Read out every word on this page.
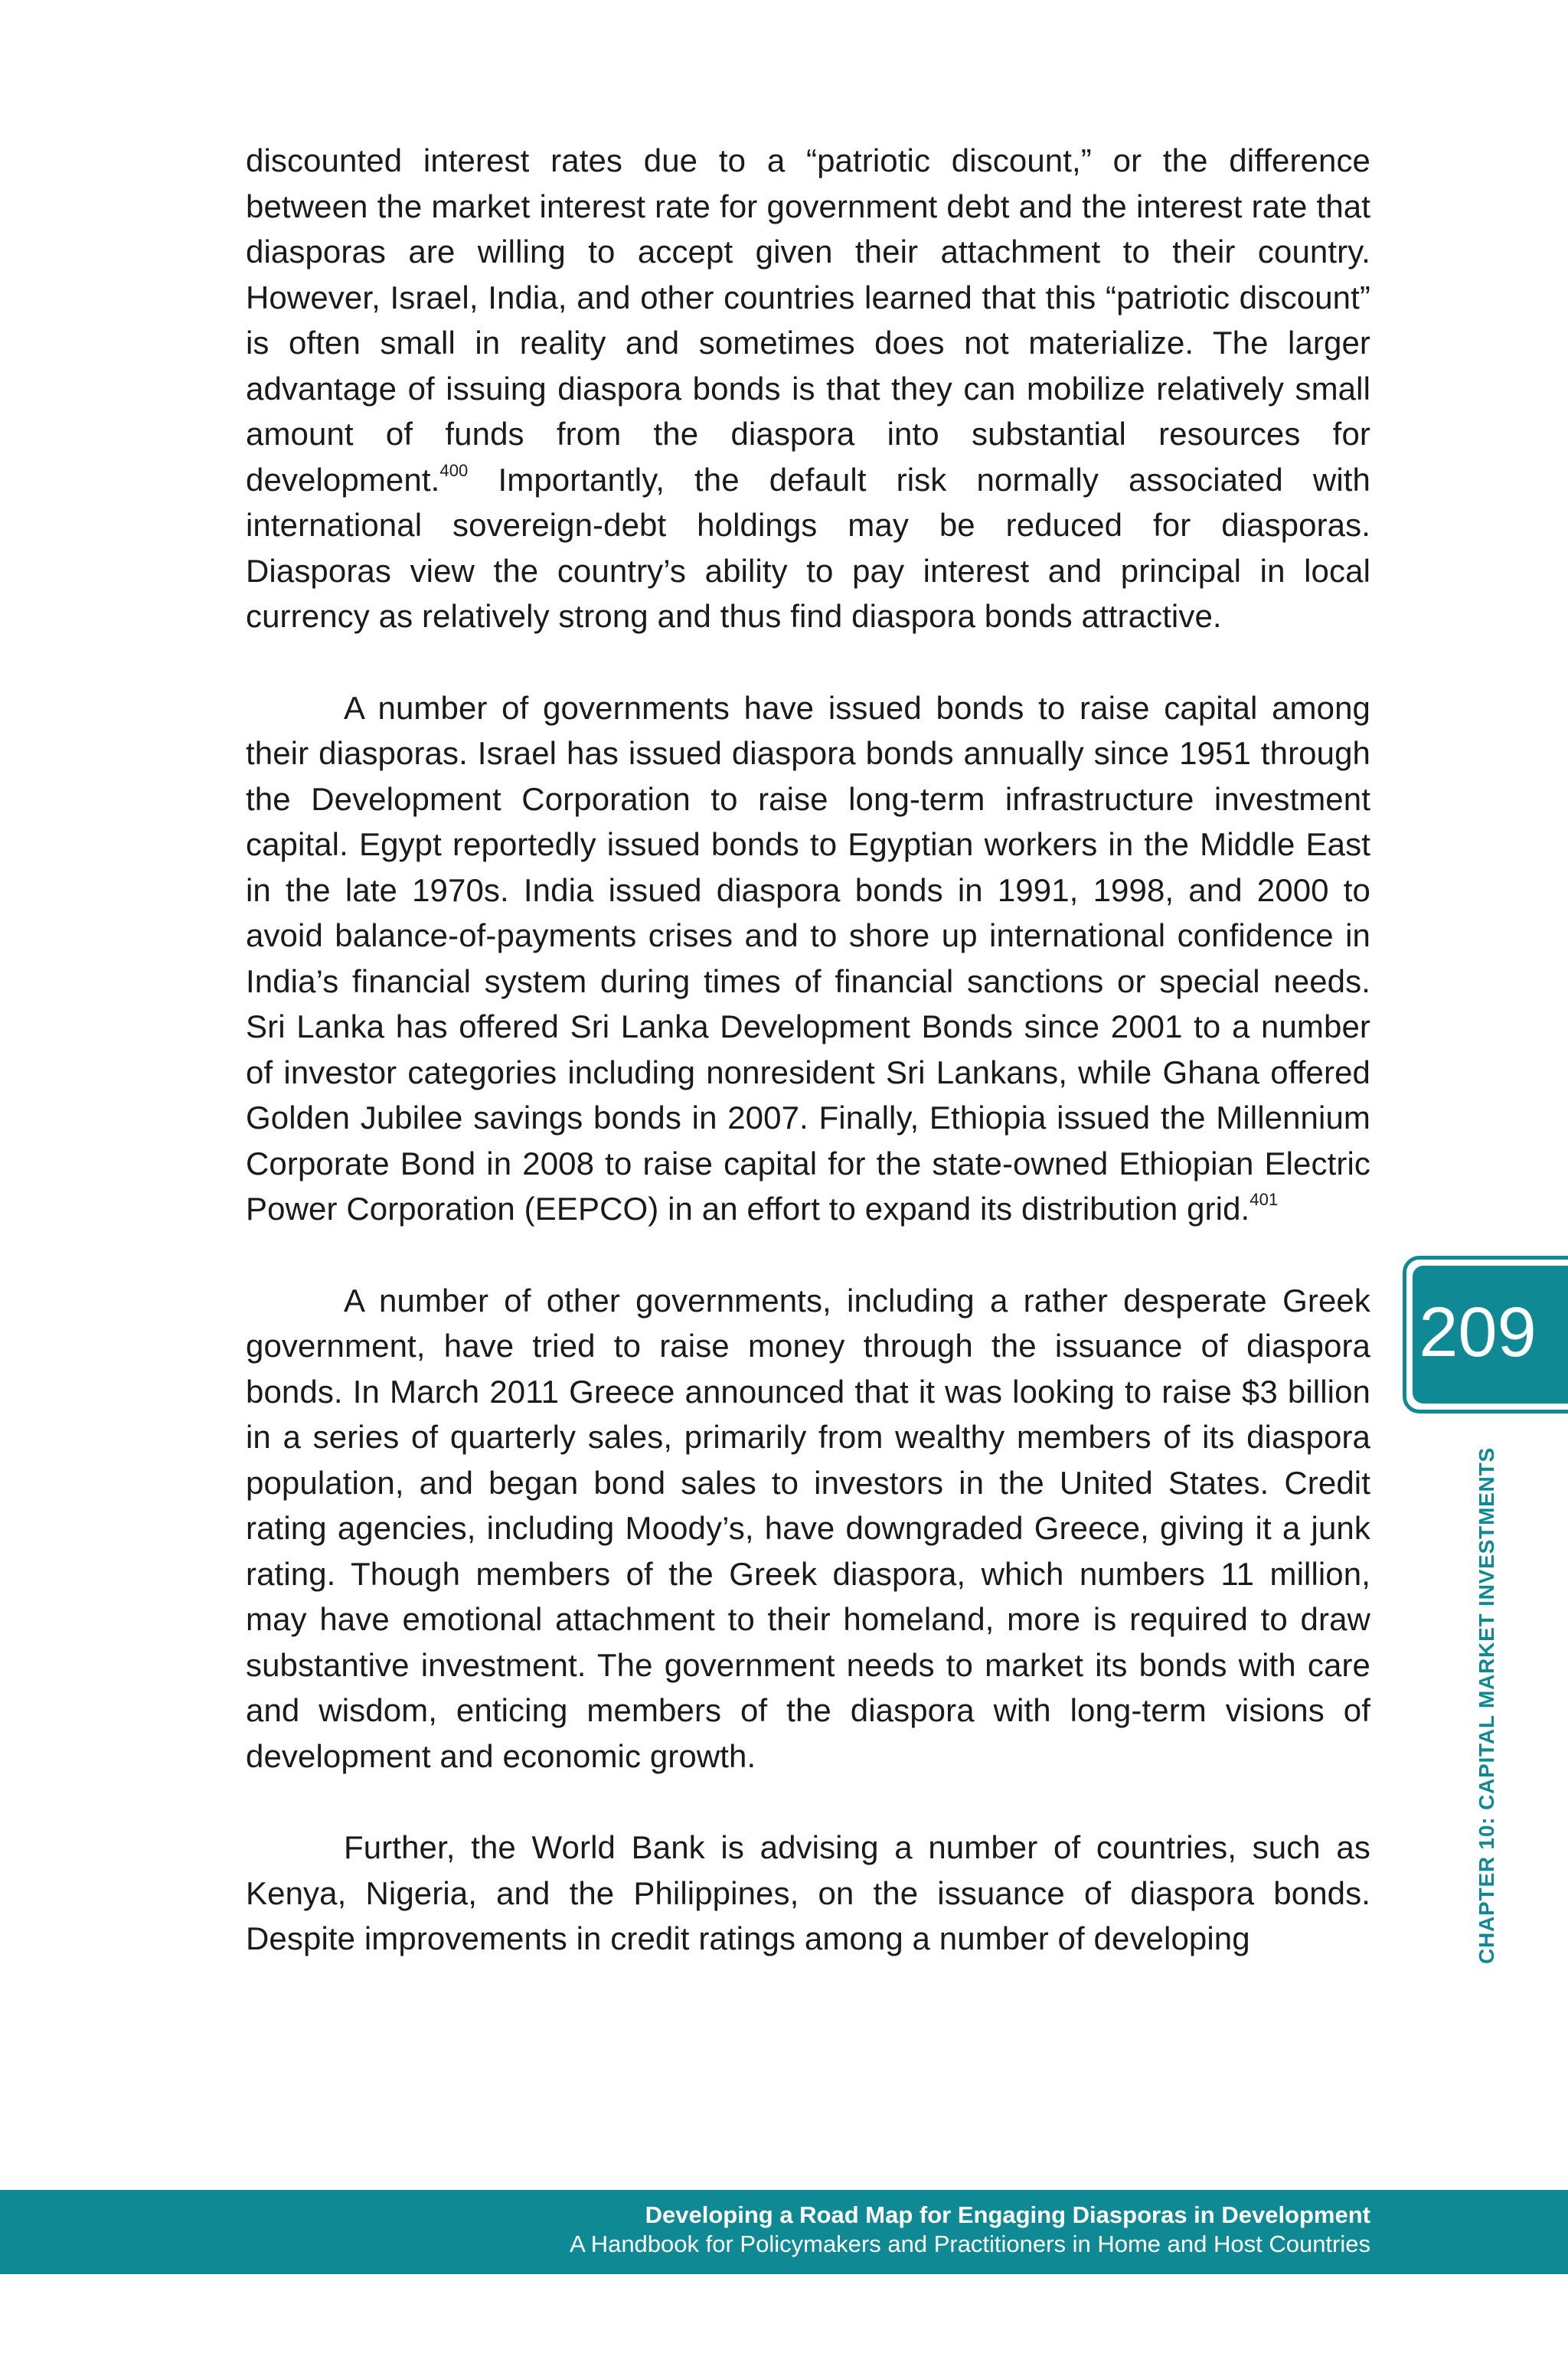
discounted interest rates due to a “patriotic discount,” or the difference between the market interest rate for government debt and the interest rate that diasporas are willing to accept given their attachment to their country. However, Israel, India, and other countries learned that this “patriotic discount” is often small in reality and sometimes does not materialize. The larger advantage of issuing diaspora bonds is that they can mobilize relatively small amount of funds from the diaspora into substantial resources for development.$^{400}$ Importantly, the default risk normally associated with international sovereign-debt holdings may be reduced for diasporas. Diasporas view the country’s ability to pay interest and principal in local currency as relatively strong and thus find diaspora bonds attractive.

A number of governments have issued bonds to raise capital among their diasporas. Israel has issued diaspora bonds annually since 1951 through the Development Corporation to raise long-term infrastructure investment capital. Egypt reportedly issued bonds to Egyptian workers in the Middle East in the late 1970s. India issued diaspora bonds in 1991, 1998, and 2000 to avoid balance-of-payments crises and to shore up international confidence in India’s financial system during times of financial sanctions or special needs. Sri Lanka has offered Sri Lanka Development Bonds since 2001 to a number of investor categories including nonresident Sri Lankans, while Ghana offered Golden Jubilee savings bonds in 2007. Finally, Ethiopia issued the Millennium Corporate Bond in 2008 to raise capital for the state-owned Ethiopian Electric Power Corporation (EEPCO) in an effort to expand its distribution grid.$^{401}$

A number of other governments, including a rather desperate Greek government, have tried to raise money through the issuance of diaspora bonds. In March 2011 Greece announced that it was looking to raise $3 billion in a series of quarterly sales, primarily from wealthy members of its diaspora population, and began bond sales to investors in the United States. Credit rating agencies, including Moody’s, have downgraded Greece, giving it a junk rating. Though members of the Greek diaspora, which numbers 11 million, may have emotional attachment to their homeland, more is required to draw substantive investment. The government needs to market its bonds with care and wisdom, enticing members of the diaspora with long-term visions of development and economic growth.

Further, the World Bank is advising a number of countries, such as Kenya, Nigeria, and the Philippines, on the issuance of diaspora bonds. Despite improvements in credit ratings among a number of developing

209
CHAPTER 10: CAPITAL MARKET INVESTMENTS
Developing a Road Map for Engaging Diasporas in Development
A Handbook for Policymakers and Practitioners in Home and Host Countries
